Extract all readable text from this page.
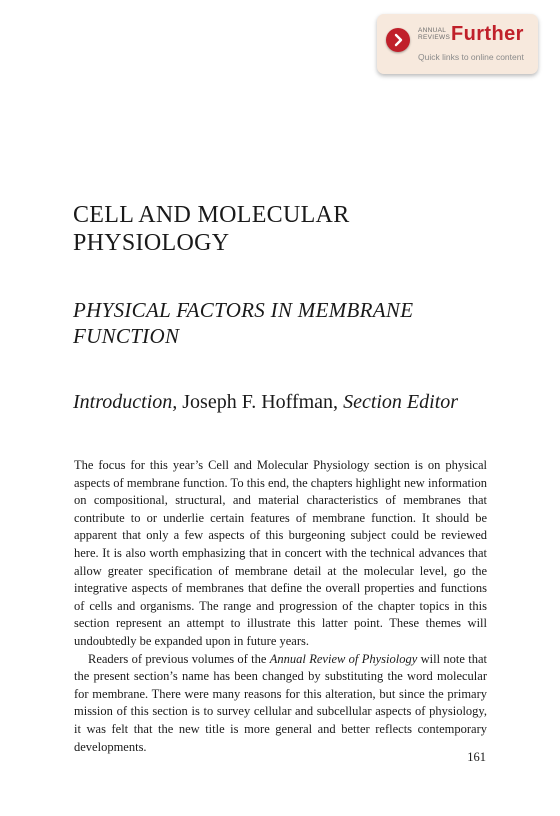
ANNUAL
REVIEWS Further
Quick links to online content
CELL AND MOLECULAR
PHYSIOLOGY
PHYSICAL FACTORS IN MEMBRANE
FUNCTION
Introduction, Joseph F. Hoffman, Section Editor

The focus for this year’s Cell and Molecular Physiology section is on physical aspects of membrane function. To this end, the chapters highlight new information on compositional, structural, and material characteristics of membranes that contribute to or underlie certain features of membrane function. It should be apparent that only a few aspects of this burgeoning subject could be reviewed here. It is also worth emphasizing that in concert with the technical advances that allow greater specification of membrane detail at the molecular level, go the integrative aspects of membranes that define the overall properties and functions of cells and organisms. The range and progression of the chapter topics in this section represent an attempt to illustrate this latter point. These themes will undoubtedly be expanded upon in future years.

Readers of previous volumes of the Annual Review of Physiology will note that the present section’s name has been changed by substituting the word molecular for membrane. There were many reasons for this alteration, but since the primary mission of this section is to survey cellular and subcellular aspects of physiology, it was felt that the new title is more general and better reflects contemporary developments.

161
